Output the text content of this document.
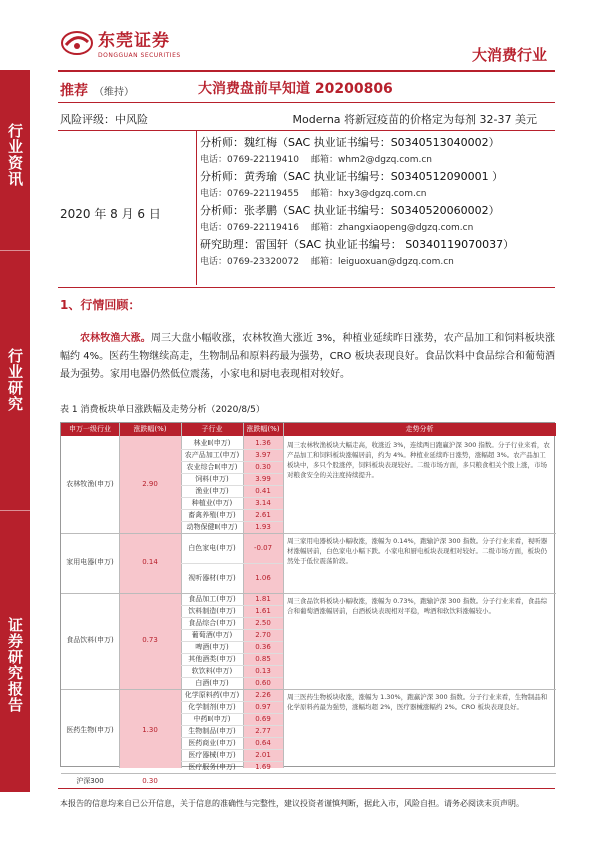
行业资讯
行业研究
证券研究报告
东莞证券
DONGGUAN SECURITIES	大消费行业
推荐 （维持）	大消费盘前早知道 20200806
风险评级：中风险	Moderna 将新冠疫苗的价格定为每剂 32-37 美元
2020 年 8 月 6 日
分析师：魏红梅（SAC 执业证书编号：S0340513040002）
电话：0769-22119410 邮箱：whm2@dgzq.com.cn
分析师：黄秀瑜（SAC 执业证书编号：S0340512090001 ）
电话：0769-22119455 邮箱：hxy3@dgzq.com.cn
分析师：张孝鹏（SAC 执业证书编号：S0340520060002）
电话：0769-22119416 邮箱：zhangxiaopeng@dgzq.com.cn
研究助理：雷国轩（SAC 执业证书编号： S0340119070037）
电话：0769-23320072 邮箱：leiguoxuan@dgzq.com.cn
1、行情回顾：
农林牧渔大涨。周三大盘小幅收涨，农林牧渔大涨近 3%，种植业延续昨日涨势，农产品加工和饲料板块涨幅约 4%。医药生物继续高走，生物制品和原料药最为强势，CRO 板块表现良好。食品饮料中食品综合和葡萄酒最为强势。家用电器仍然低位震荡，小家电和厨电表现相对较好。
表 1 消费板块单日涨跌幅及走势分析（2020/8/5）
申万一级行业	涨跌幅(%)	子行业	涨跌幅(%)	走势分析
农林牧渔(申万)	2.90
林业Ⅱ(申万)	1.36
农产品加工(申万)	3.97
农业综合Ⅱ(申万)	0.30
饲料(申万)	3.99
渔业(申万)	0.41
种植业(申万)	3.14
畜禽养殖(申万)	2.61
动物保健Ⅱ(申万)	1.93
周三农林牧渔板块大幅走高，收涨近 3%，连续两日跑赢沪深 300 指数。分子行业来看，农产品加工和饲料板块涨幅居前，约为 4%。种植业延续昨日涨势，涨幅超 3%。农产品加工板块中，多只个股涨停，饲料板块表现较好。二级市场方面，多只粮食相关个股上涨，市场对粮食安全的关注度持续提升。
家用电器(申万)	0.14
白色家电(申万)	-0.07
视听器材(申万)	1.06
周三家用电器板块小幅收涨，涨幅为 0.14%，跑输沪深 300 指数。分子行业来看，视听器材涨幅居前，白色家电小幅下跌。小家电和厨电板块表现相对较好。二级市场方面，板块仍然处于低位震荡阶段。
食品饮料(申万)	0.73
食品加工(申万)	1.81
饮料制造(申万)	1.61
食品综合(申万)	2.50
葡萄酒(申万)	2.70
啤酒(申万)	0.36
其他酒类(申万)	0.85
软饮料(申万)	0.13
白酒(申万)	0.60
周三食品饮料板块小幅收涨，涨幅为 0.73%，跑输沪深 300 指数。分子行业来看，食品综合和葡萄酒涨幅居前，白酒板块表现相对平稳，啤酒和软饮料涨幅较小。
医药生物(申万)	1.30
化学原料药(申万)	2.26
化学制剂(申万)	0.97
中药Ⅱ(申万)	0.69
生物制品(申万)	2.77
医药商业(申万)	0.64
医疗器械(申万)	2.01
医疗服务(申万)	1.69
周三医药生物板块收涨，涨幅为 1.30%，跑赢沪深 300 指数。分子行业来看，生物制品和化学原料药最为强势，涨幅均超 2%，医疗器械涨幅约 2%。CRO 板块表现良好。
沪深300	0.30
本报告的信息均来自已公开信息，关于信息的准确性与完整性，建议投资者谨慎判断，据此入市，风险自担。请务必阅读末页声明。
